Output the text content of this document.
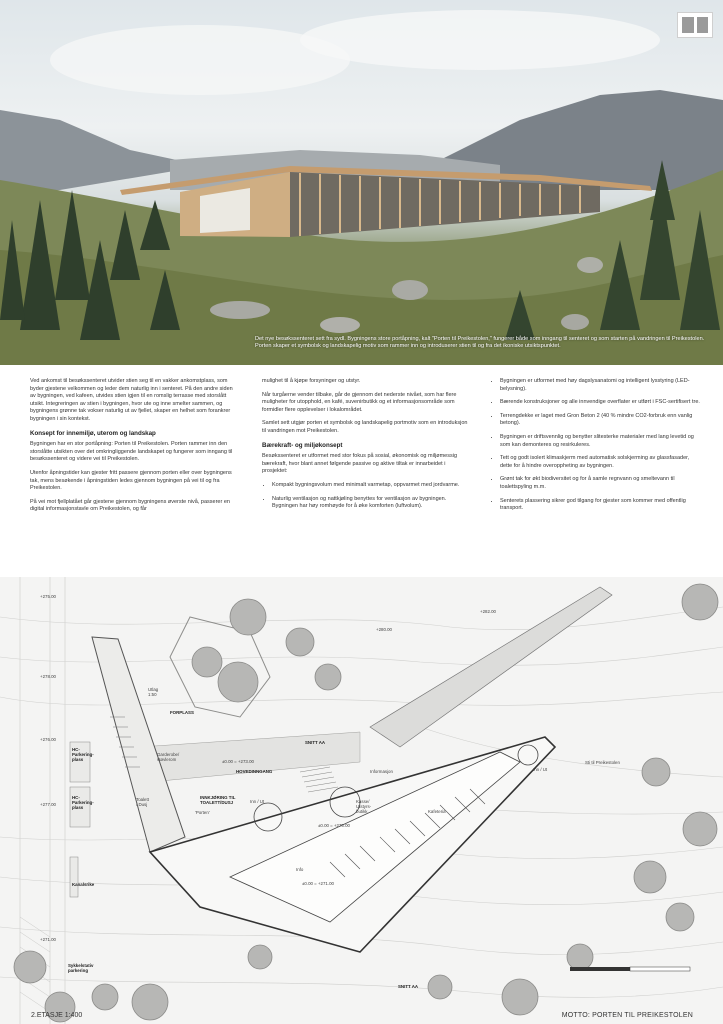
Det nye besøkssenteret sett fra sydl. Bygningens store portåpning, kalt "Porten til Preikestolen," fungerer både som inngang til senteret og som starten på vandringen til Preikestolen. Porten skaper et symbolsk og landskapelig motiv som rammer inn og introduserer stien til og fra det ikoniske utsiktspunktet.

Ved ankomst til besøkssenteret utvider stien seg til en vakker ankomstplass, som byder gjestene velkommen og leder dem naturlig inn i senteret. På den andre siden av bygningen, ved kafeen, utvides stien igjen til en romslig terrasse med storslått utsikt. Integreringen av stien i bygningen, hvor ute og inne smelter sammen, og bygningens grønne tak vokser naturlig ut av fjellet, skaper en helhet som forankrer bygningen i sin kontekst.

Konsept for innemiljø, uterom og landskap

Bygningen har en stor portåpning: Porten til Preikestolen. Porten rammer inn den storslåtte utsikten over det omkringliggende landskapet og fungerer som inngang til besøkssenteret og videre vei til Preikestolen.

Utenfor åpningstider kan gjester fritt passere gjennom porten eller over bygningens tak, mens besøkende i åpningstiden ledes gjennom bygningen på vei til og fra Preikestolen.

På vei mot fjellplatået går gjestene gjennom bygningens øverste nivå, passerer en digital informasjonstavle om Preikestolen, og får

mulighet til å kjøpe forsyninger og utstyr.

Når turgåerne vender tilbake, går de gjennom det nederste nivået, som har flere muligheter for utopphold, en kafé, suvenirbutikk og et informasjonsområde som formidler flere opplevelser i lokalområdet.

Samlet sett utgjør porten et symbolsk og landskapelig portmotiv som en introduksjon til vandringen mot Preikestolen.

Bærekraft- og miljøkonsept

Besøkssenteret er utformet med stor fokus på sosial, økonomisk og miljømessig bærekraft, hvor blant annet følgende passive og aktive tiltak er innarbeidet i prosjektet:

• Kompakt bygningsvolum med minimalt varmetap, oppvarmet med jordvarme.
• Naturlig ventilasjon og nattkjøling benyttes for ventilasjon av bygningen. Bygningen har høy romhøyde for å øke komforten (luftvolum).
• Bygningen er utformet med høy dagslysanatomi og intelligent lysstyring (LED-belysning).
• Bærende konstruksjoner og alle innvendige overflater er utført i FSC-sertifisert tre.
• Terrengdekke er laget med Gron Beton 2 (40 % mindre CO2-forbruk enn vanlig betong).
• Bygningen er driftsvennlig og benytter slitesterke materialer med lang levetid og som kan demonteres og resirkuleres.
• Tett og godt isolert klimaskjerm med automatisk solskjerming av glassfasader, dette for å hindre overoppheting av bygningen.
• Grønt tak for økt biodiversitet og for å samle regnvann og smeltevann til toalettspyling m.m.
• Senterets plassering sikrer god tilgang for gjester som kommer med offentlig transport.
FORPLASS
HOVEDINNGANG
'Porten'
Garderobe/
støvlerom
Toalett
/ Dusj
Info
Informasjon
Kasse/
Utstyrs-
butikk	Kafeteria
Inn / Ut
Inn / Ut
Sti til Preikestolen
HC-
Parkering-
plass
HC-
Parkering-
plass
Kanalsrike
SNITT AA
SNITT AA
Utlag
1:50
Sykkelstativ
parkering
+275.00
+276.00
+277.00
+278.00
+271.00
+280.00
+282.00
±0.00 = +273.00
±0.00 = +275.00
±0.00 = +271.00
INNKJØRING TIL
TOALETT/DUSJ
2.ETASJE 1:400	MOTTO: PORTEN TIL PREIKESTOLEN
